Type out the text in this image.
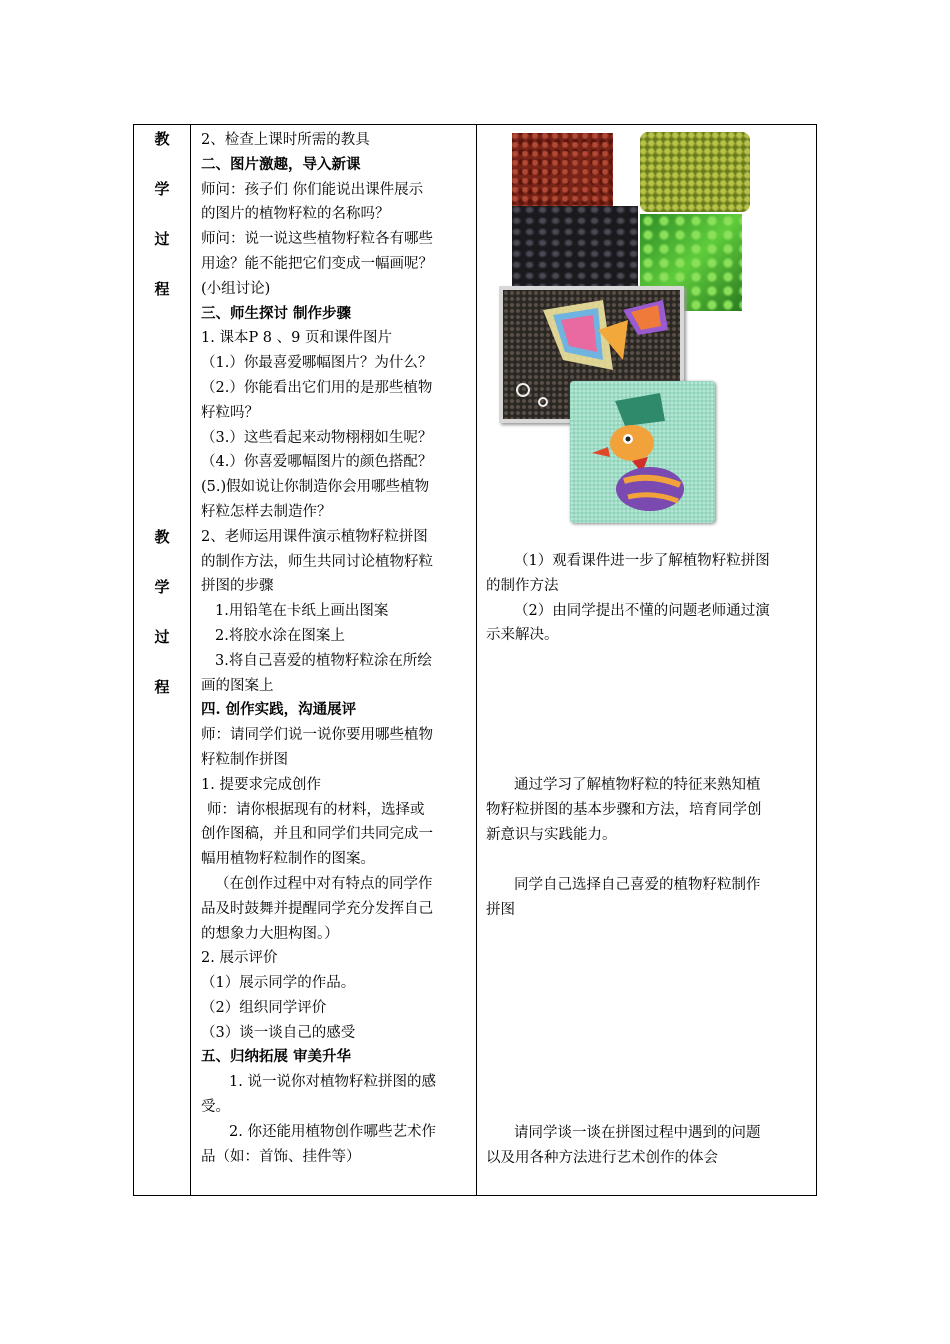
教
学
过
程
教
学
过
程
2、检查上课时所需的教具
二、图片激趣，导入新课
师问：孩子们 你们能说出课件展示
的图片的植物籽粒的名称吗？
师问：说一说这些植物籽粒各有哪些
用途？能不能把它们变成一幅画呢？
(小组讨论)
三、师生探讨 制作步骤
1. 课本P 8 、9 页和课件图片
（1.）你最喜爱哪幅图片？为什么？
（2.）你能看出它们用的是那些植物
籽粒吗？
（3.）这些看起来动物栩栩如生呢？
（4.）你喜爱哪幅图片的颜色搭配？
(5.)假如说让你制造你会用哪些植物
籽粒怎样去制造作？
2、老师运用课件演示植物籽粒拼图
的制作方法，师生共同讨论植物籽粒
拼图的步骤
1.用铅笔在卡纸上画出图案
2.将胶水涂在图案上
3.将自己喜爱的植物籽粒涂在所绘
画的图案上
四. 创作实践，沟通展评
师：请同学们说一说你要用哪些植物
籽粒制作拼图
1. 提要求完成创作
师：请你根据现有的材料，选择或
创作图稿，并且和同学们共同完成一
幅用植物籽粒制作的图案。
（在创作过程中对有特点的同学作
品及时鼓舞并提醒同学充分发挥自己
的想象力大胆构图。）
2. 展示评价
（1）展示同学的作品。
（2）组织同学评价
（3）谈一谈自己的感受
五、归纳拓展 审美升华
1. 说一说你对植物籽粒拼图的感
受。
2. 你还能用植物创作哪些艺术作
品（如：首饰、挂件等）

（1）观看课件进一步了解植物籽粒拼图

的制作方法

（2）由同学提出不懂的问题老师通过演

示来解决。

通过学习了解植物籽粒的特征来熟知植

物籽粒拼图的基本步骤和方法，培育同学创

新意识与实践能力。

同学自己选择自己喜爱的植物籽粒制作

拼图

请同学谈一谈在拼图过程中遇到的问题

以及用各种方法进行艺术创作的体会
